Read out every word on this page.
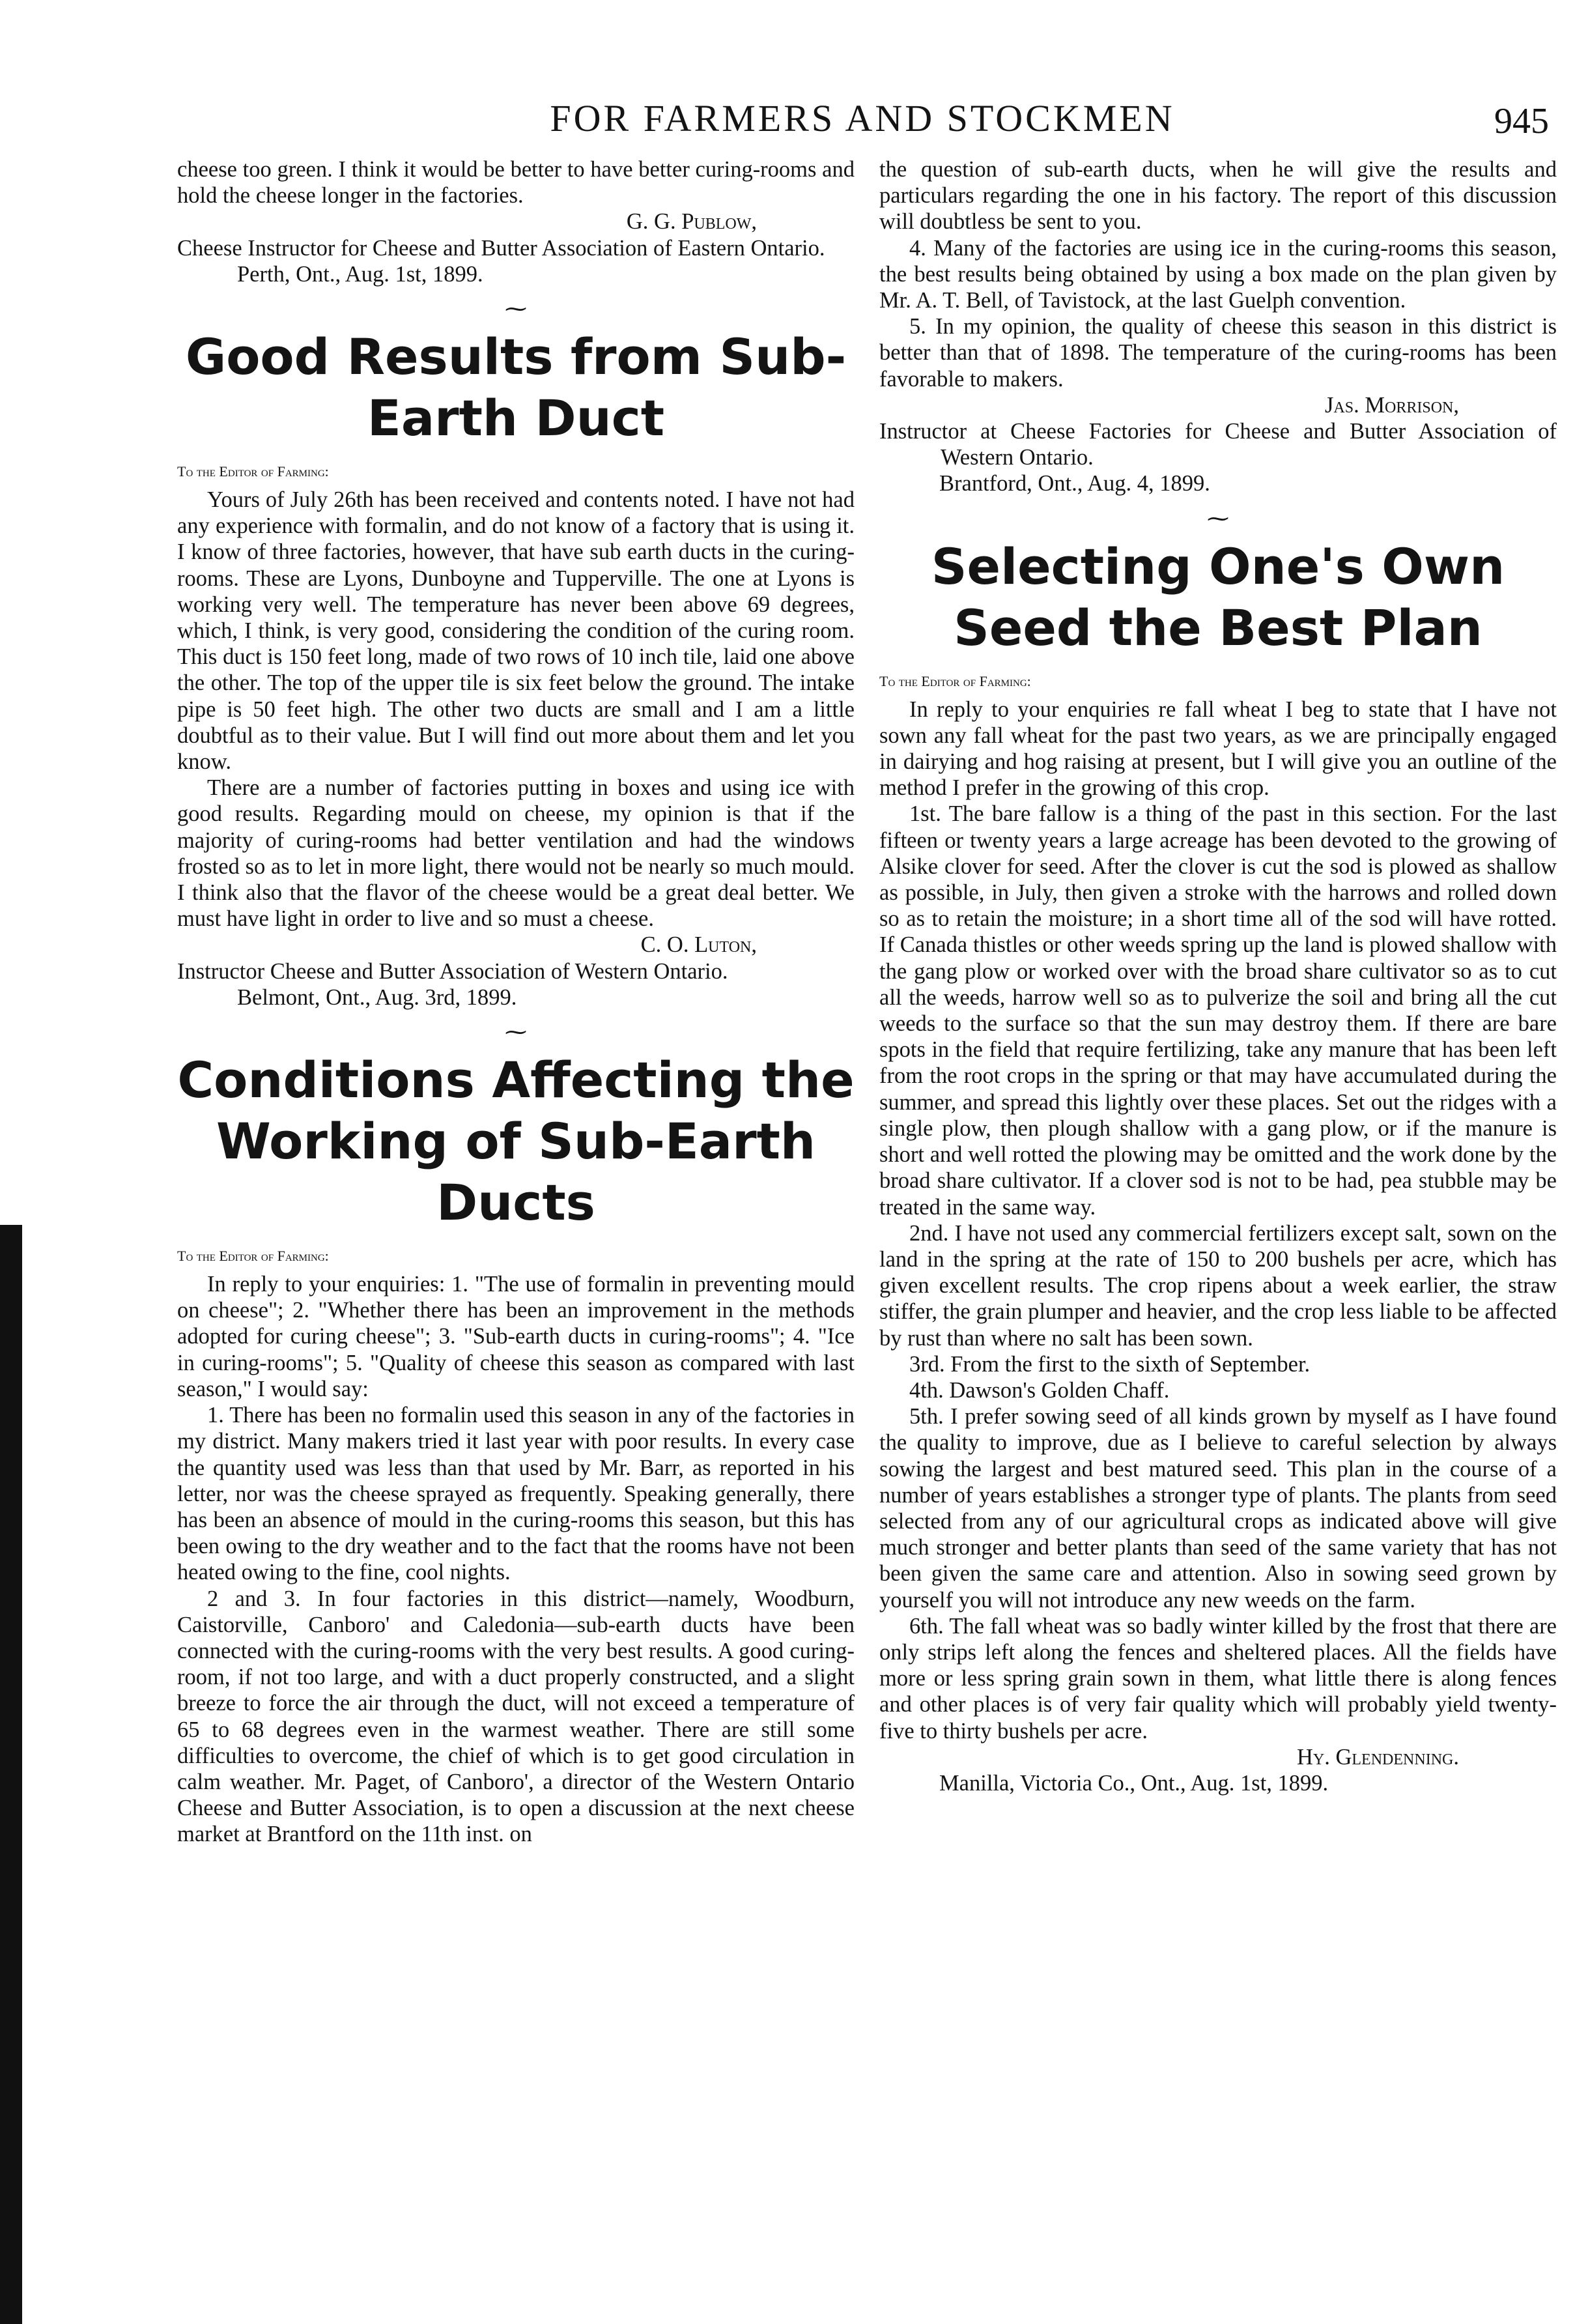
FOR FARMERS AND STOCKMEN	945

cheese too green. I think it would be better to have better curing-rooms and hold the cheese longer in the factories.

G. G. Publow,

Cheese Instructor for Cheese and Butter Association of Eastern Ontario.

Perth, Ont., Aug. 1st, 1899.

⁓
Good Results from Sub-Earth Duct

To the Editor of Farming:

Yours of July 26th has been received and contents noted. I have not had any experience with formalin, and do not know of a factory that is using it. I know of three factories, however, that have sub earth ducts in the curing-rooms. These are Lyons, Dunboyne and Tupperville. The one at Lyons is working very well. The temperature has never been above 69 degrees, which, I think, is very good, considering the condition of the curing room. This duct is 150 feet long, made of two rows of 10 inch tile, laid one above the other. The top of the upper tile is six feet below the ground. The intake pipe is 50 feet high. The other two ducts are small and I am a little doubtful as to their value. But I will find out more about them and let you know.

There are a number of factories putting in boxes and using ice with good results. Regarding mould on cheese, my opinion is that if the majority of curing-rooms had better ventilation and had the windows frosted so as to let in more light, there would not be nearly so much mould. I think also that the flavor of the cheese would be a great deal better. We must have light in order to live and so must a cheese.

C. O. Luton,

Instructor Cheese and Butter Association of Western Ontario.

Belmont, Ont., Aug. 3rd, 1899.

⁓
Conditions Affecting the Working of Sub-Earth Ducts

To the Editor of Farming:

In reply to your enquiries: 1. "The use of formalin in preventing mould on cheese"; 2. "Whether there has been an improvement in the methods adopted for curing cheese"; 3. "Sub-earth ducts in curing-rooms"; 4. "Ice in curing-rooms"; 5. "Quality of cheese this season as compared with last season," I would say:

1. There has been no formalin used this season in any of the factories in my district. Many makers tried it last year with poor results. In every case the quantity used was less than that used by Mr. Barr, as reported in his letter, nor was the cheese sprayed as frequently. Speaking generally, there has been an absence of mould in the curing-rooms this season, but this has been owing to the dry weather and to the fact that the rooms have not been heated owing to the fine, cool nights.

2 and 3. In four factories in this district—namely, Woodburn, Caistorville, Canboro' and Caledonia—sub-earth ducts have been connected with the curing-rooms with the very best results. A good curing-room, if not too large, and with a duct properly constructed, and a slight breeze to force the air through the duct, will not exceed a temperature of 65 to 68 degrees even in the warmest weather. There are still some difficulties to overcome, the chief of which is to get good circulation in calm weather. Mr. Paget, of Canboro', a director of the Western Ontario Cheese and Butter Association, is to open a discussion at the next cheese market at Brantford on the 11th inst. on

the question of sub-earth ducts, when he will give the results and particulars regarding the one in his factory. The report of this discussion will doubtless be sent to you.

4. Many of the factories are using ice in the curing-rooms this season, the best results being obtained by using a box made on the plan given by Mr. A. T. Bell, of Tavistock, at the last Guelph convention.

5. In my opinion, the quality of cheese this season in this district is better than that of 1898. The temperature of the curing-rooms has been favorable to makers.

Jas. Morrison,

Instructor at Cheese Factories for Cheese and Butter Association of Western Ontario.

Brantford, Ont., Aug. 4, 1899.

⁓
Selecting One's Own Seed the Best Plan

To the Editor of Farming:

In reply to your enquiries re fall wheat I beg to state that I have not sown any fall wheat for the past two years, as we are principally engaged in dairying and hog raising at present, but I will give you an outline of the method I prefer in the growing of this crop.

1st. The bare fallow is a thing of the past in this section. For the last fifteen or twenty years a large acreage has been devoted to the growing of Alsike clover for seed. After the clover is cut the sod is plowed as shallow as possible, in July, then given a stroke with the harrows and rolled down so as to retain the moisture; in a short time all of the sod will have rotted. If Canada thistles or other weeds spring up the land is plowed shallow with the gang plow or worked over with the broad share cultivator so as to cut all the weeds, harrow well so as to pulverize the soil and bring all the cut weeds to the surface so that the sun may destroy them. If there are bare spots in the field that require fertilizing, take any manure that has been left from the root crops in the spring or that may have accumulated during the summer, and spread this lightly over these places. Set out the ridges with a single plow, then plough shallow with a gang plow, or if the manure is short and well rotted the plowing may be omitted and the work done by the broad share cultivator. If a clover sod is not to be had, pea stubble may be treated in the same way.

2nd. I have not used any commercial fertilizers except salt, sown on the land in the spring at the rate of 150 to 200 bushels per acre, which has given excellent results. The crop ripens about a week earlier, the straw stiffer, the grain plumper and heavier, and the crop less liable to be affected by rust than where no salt has been sown.

3rd. From the first to the sixth of September.

4th. Dawson's Golden Chaff.

5th. I prefer sowing seed of all kinds grown by myself as I have found the quality to improve, due as I believe to careful selection by always sowing the largest and best matured seed. This plan in the course of a number of years establishes a stronger type of plants. The plants from seed selected from any of our agricultural crops as indicated above will give much stronger and better plants than seed of the same variety that has not been given the same care and attention. Also in sowing seed grown by yourself you will not introduce any new weeds on the farm.

6th. The fall wheat was so badly winter killed by the frost that there are only strips left along the fences and sheltered places. All the fields have more or less spring grain sown in them, what little there is along fences and other places is of very fair quality which will probably yield twenty-five to thirty bushels per acre.

Hy. Glendenning.

Manilla, Victoria Co., Ont., Aug. 1st, 1899.
